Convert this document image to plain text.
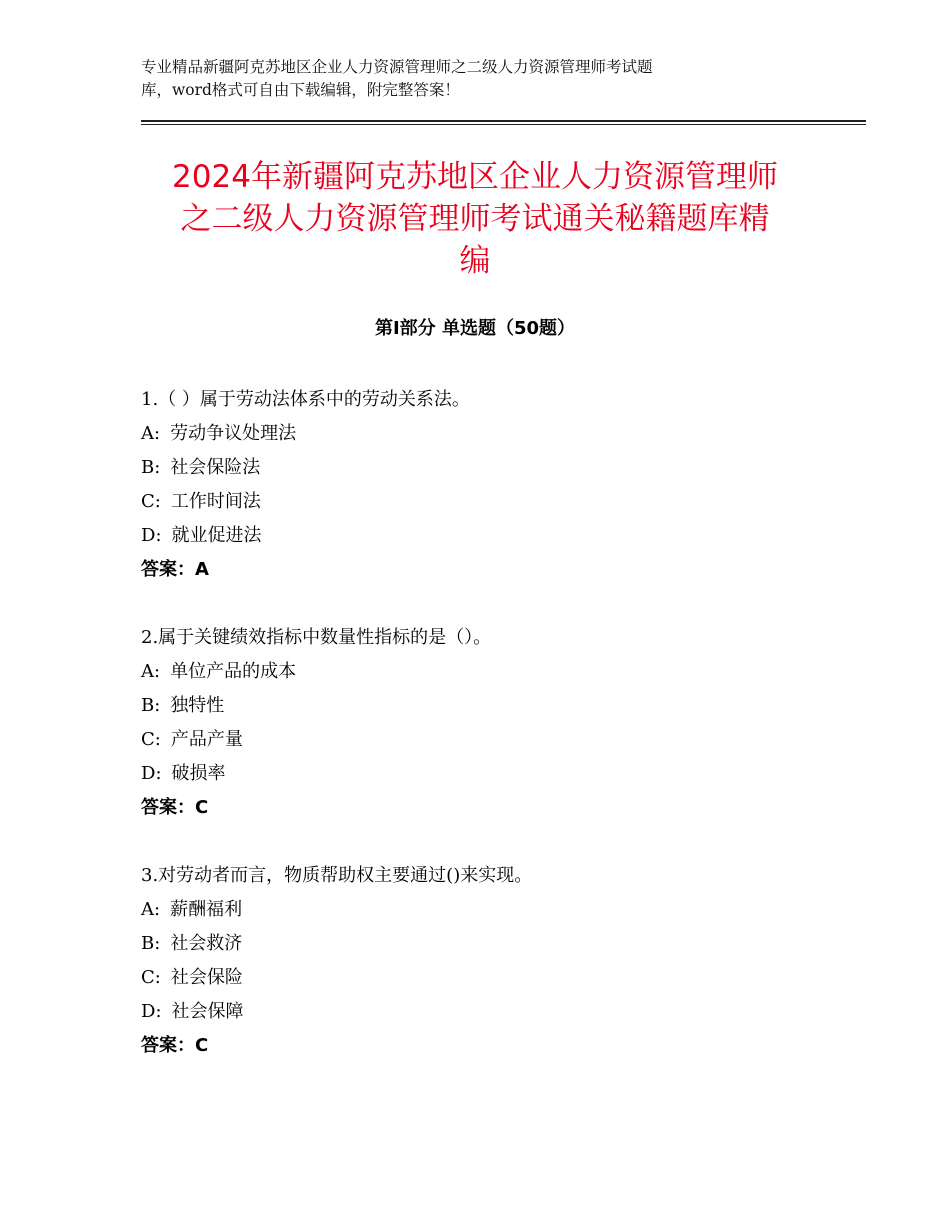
专业精品新疆阿克苏地区企业人力资源管理师之二级人力资源管理师考试题
库，word格式可自由下载编辑，附完整答案！
2024年新疆阿克苏地区企业人力资源管理师
之二级人力资源管理师考试通关秘籍题库精
编
第Ⅰ部分 单选题（50题）
1.（ ）属于劳动法体系中的劳动关系法。
A: 劳动争议处理法
B: 社会保险法
C: 工作时间法
D: 就业促进法
答案：A
2.属于关键绩效指标中数量性指标的是（）。
A: 单位产品的成本
B: 独特性
C: 产品产量
D: 破损率
答案：C
3.对劳动者而言，物质帮助权主要通过()来实现。
A: 薪酬福利
B: 社会救济
C: 社会保险
D: 社会保障
答案：C
